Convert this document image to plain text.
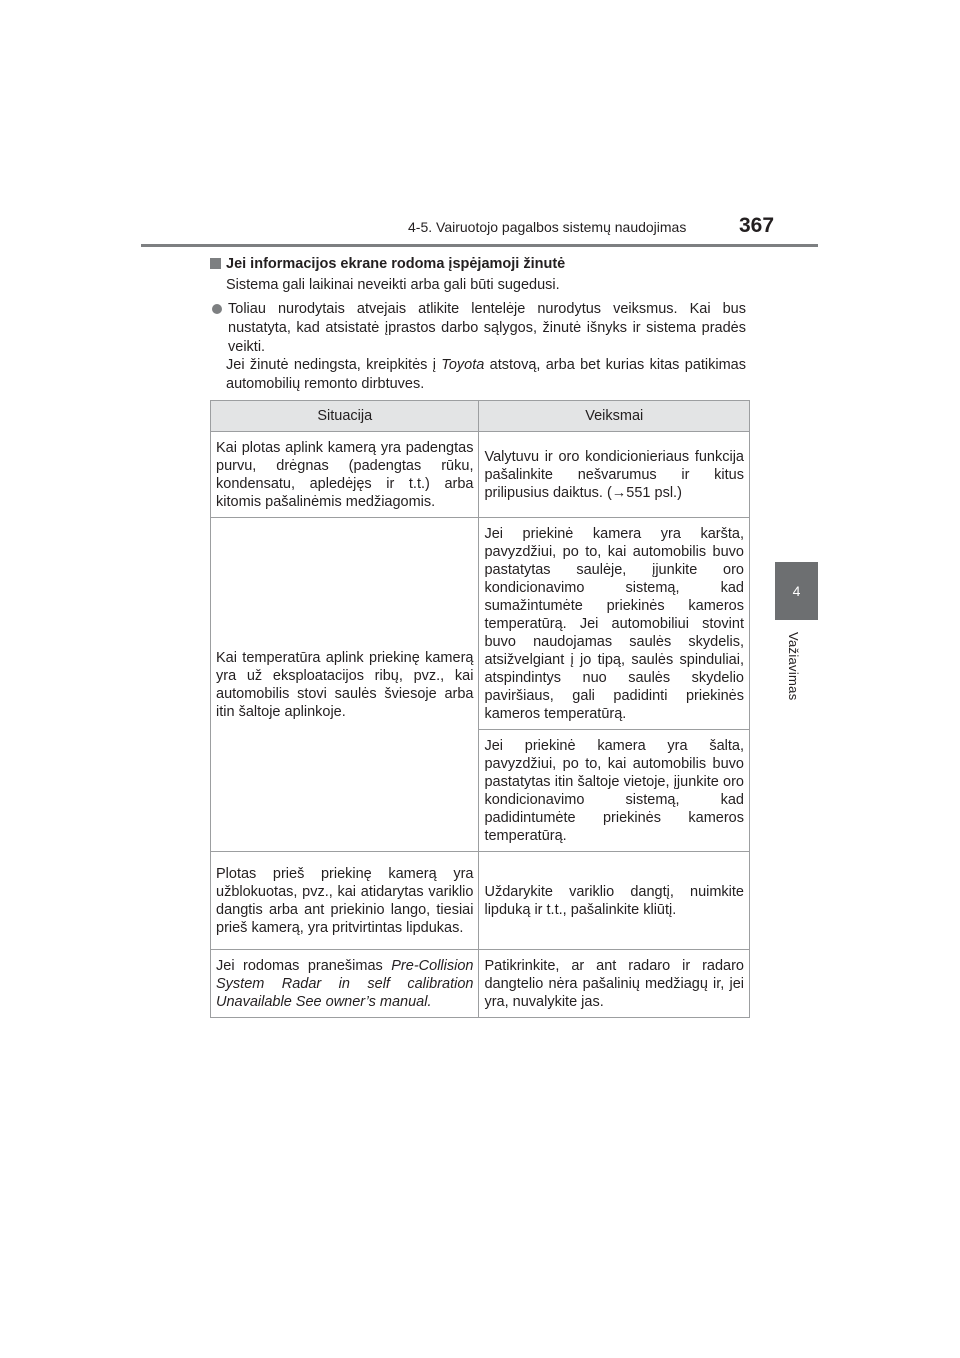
4-5. Vairuotojo pagalbos sistemų naudojimas	367
4
Važiavimas
Jei informacijos ekrane rodoma įspėjamoji žinutė
Sistema gali laikinai neveikti arba gali būti sugedusi.
Toliau nurodytais atvejais atlikite lentelėje nurodytus veiksmus. Kai bus nustatyta, kad atsistatė įprastos darbo sąlygos, žinutė išnyks ir sistema pradės veikti.
Jei žinutė nedingsta, kreipkitės į Toyota atstovą, arba bet kurias kitas patikimas automobilių remonto dirbtuves.
Situacija	Veiksmai
Kai plotas aplink kamerą yra padengtas purvu, drėgnas (padengtas rūku, kondensatu, apledėjęs ir t.t.) arba kitomis pašalinėmis medžiagomis.	Valytuvu ir oro kondicionieriaus funkcija pašalinkite nešvarumus ir kitus prilipusius daiktus. (→551 psl.)
Kai temperatūra aplink priekinę kamerą yra už eksploatacijos ribų, pvz., kai automobilis stovi saulės šviesoje arba itin šaltoje aplinkoje.	Jei priekinė kamera yra karšta, pavyzdžiui, po to, kai automobilis buvo pastatytas saulėje, įjunkite oro kondicionavimo sistemą, kad sumažintumėte priekinės kameros temperatūrą. Jei automobiliui stovint buvo naudojamas saulės skydelis, atsižvelgiant į jo tipą, saulės spinduliai, atspindintys nuo saulės skydelio paviršiaus, gali padidinti priekinės kameros temperatūrą.
	Jei priekinė kamera yra šalta, pavyzdžiui, po to, kai automobilis buvo pastatytas itin šaltoje vietoje, įjunkite oro kondicionavimo sistemą, kad padidintumėte priekinės kameros temperatūrą.
Plotas prieš priekinę kamerą yra užblokuotas, pvz., kai atidarytas variklio dangtis arba ant priekinio lango, tiesiai prieš kamerą, yra pritvirtintas lipdukas.	Uždarykite variklio dangtį, nuimkite lipduką ir t.t., pašalinkite kliūtį.
Jei rodomas pranešimas Pre-Collision System Radar in self calibration Unavailable See owner’s manual.	Patikrinkite, ar ant radaro ir radaro dangtelio nėra pašalinių medžiagų ir, jei yra, nuvalykite jas.
